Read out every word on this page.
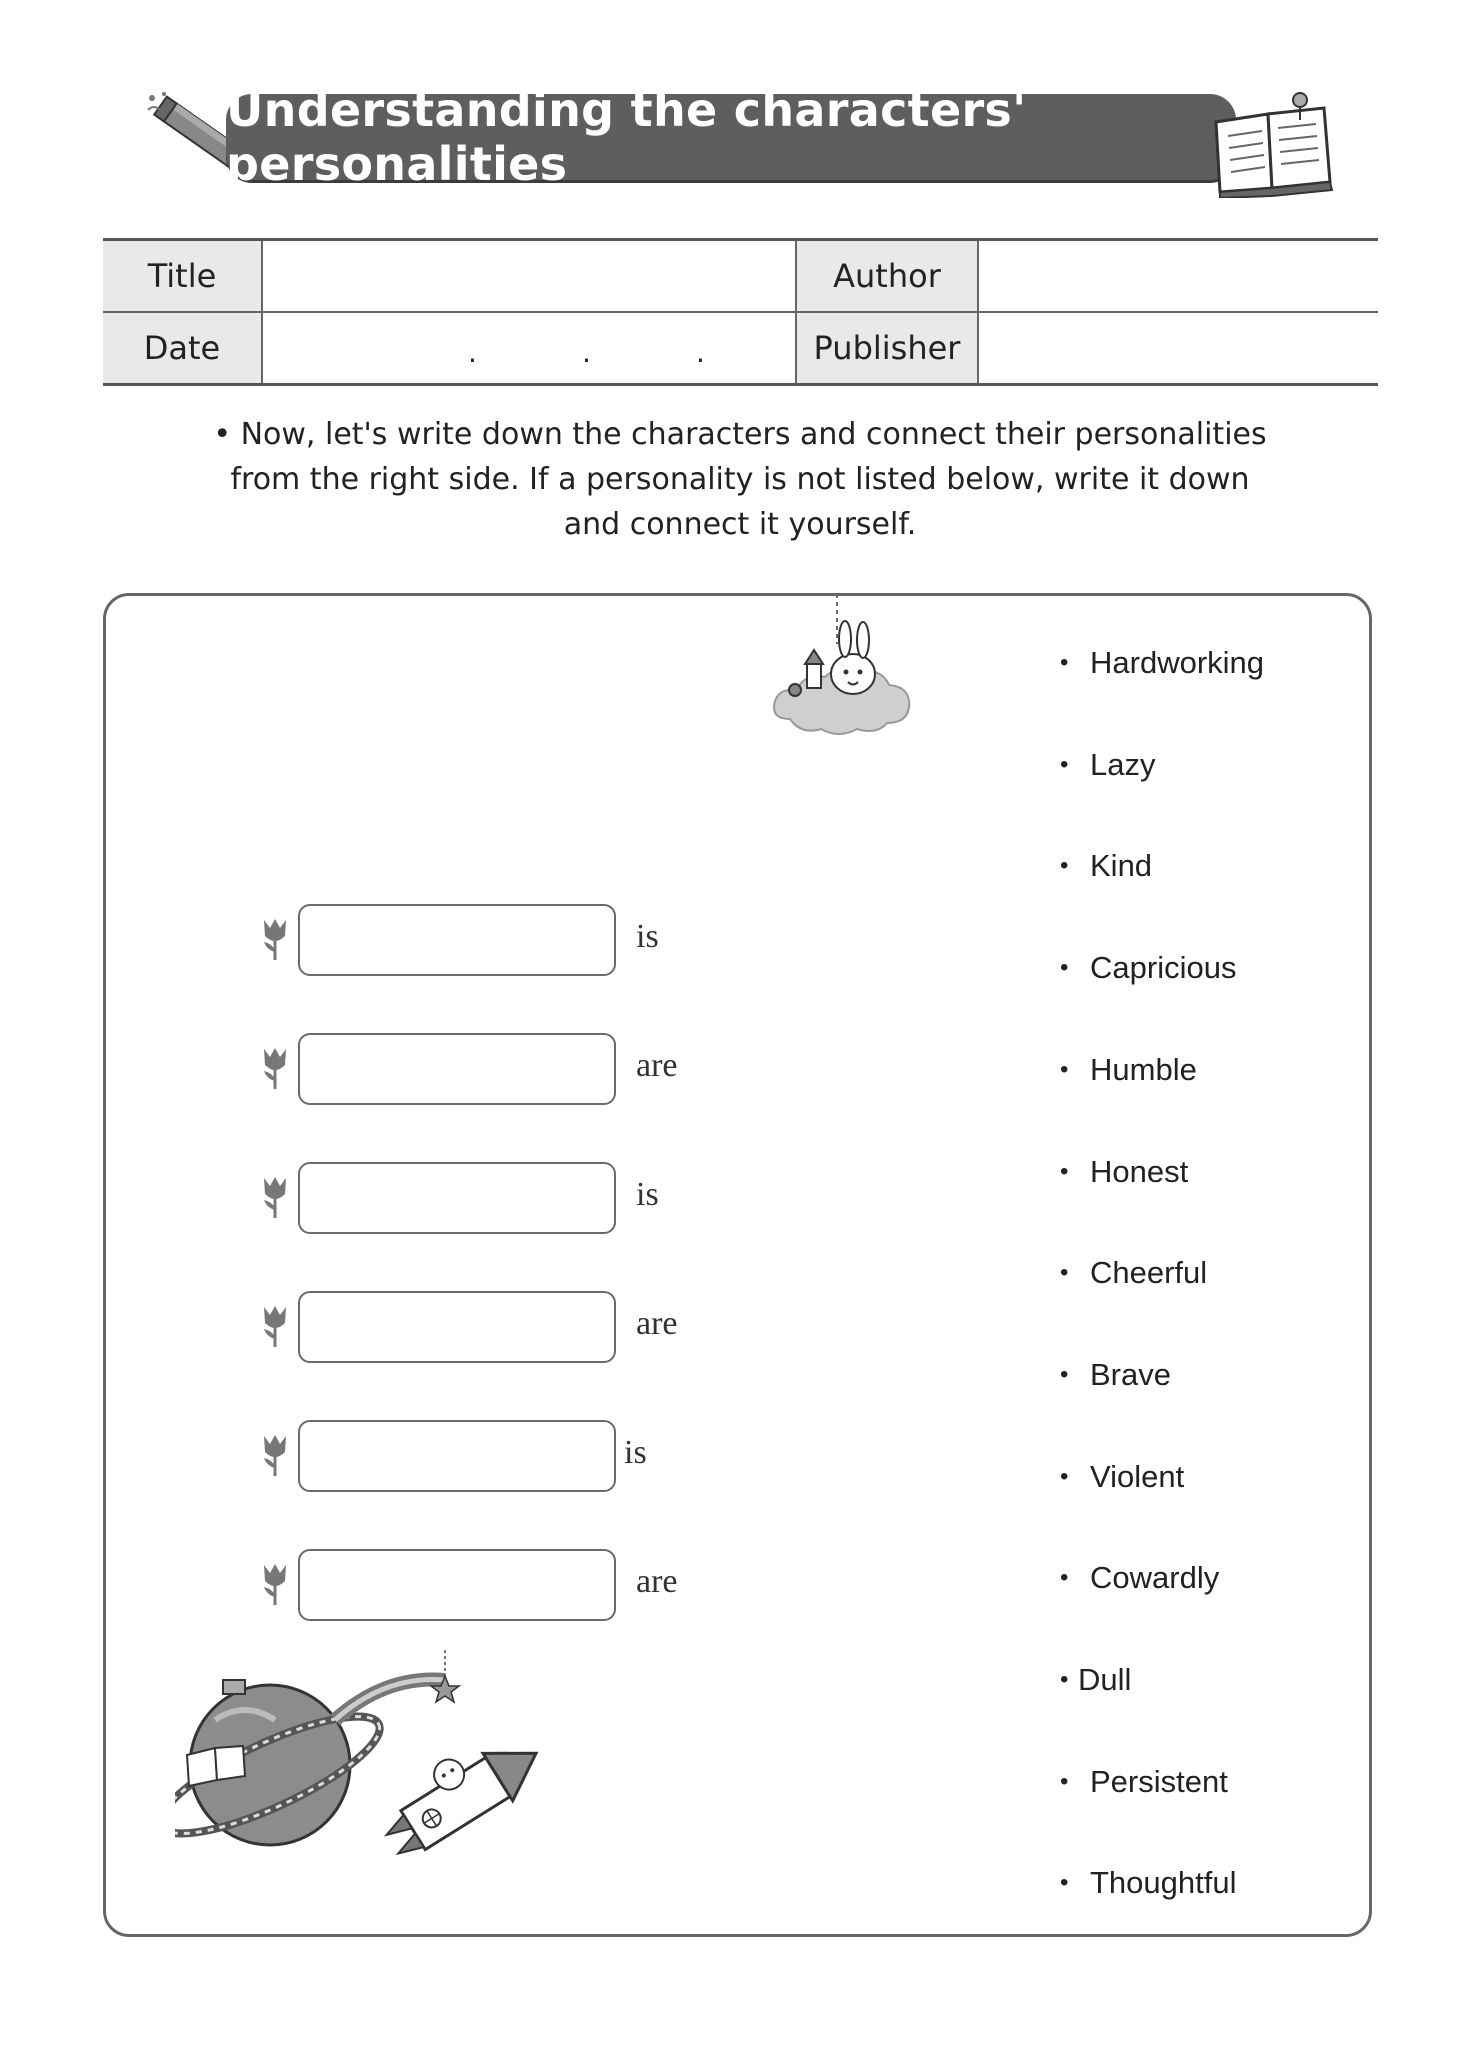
Understanding the characters' personalities
Title		Author	
Date	. . .	Publisher	
• Now, let's write down the characters and connect their personalities
from the right side. If a personality is not listed below, write it down
and connect it yourself.
is
are
is
are
is
are
• Hardworking
• Lazy
• Kind
• Capricious
• Humble
• Honest
• Cheerful
• Brave
• Violent
• Cowardly
• Dull
• Persistent
• Thoughtful
